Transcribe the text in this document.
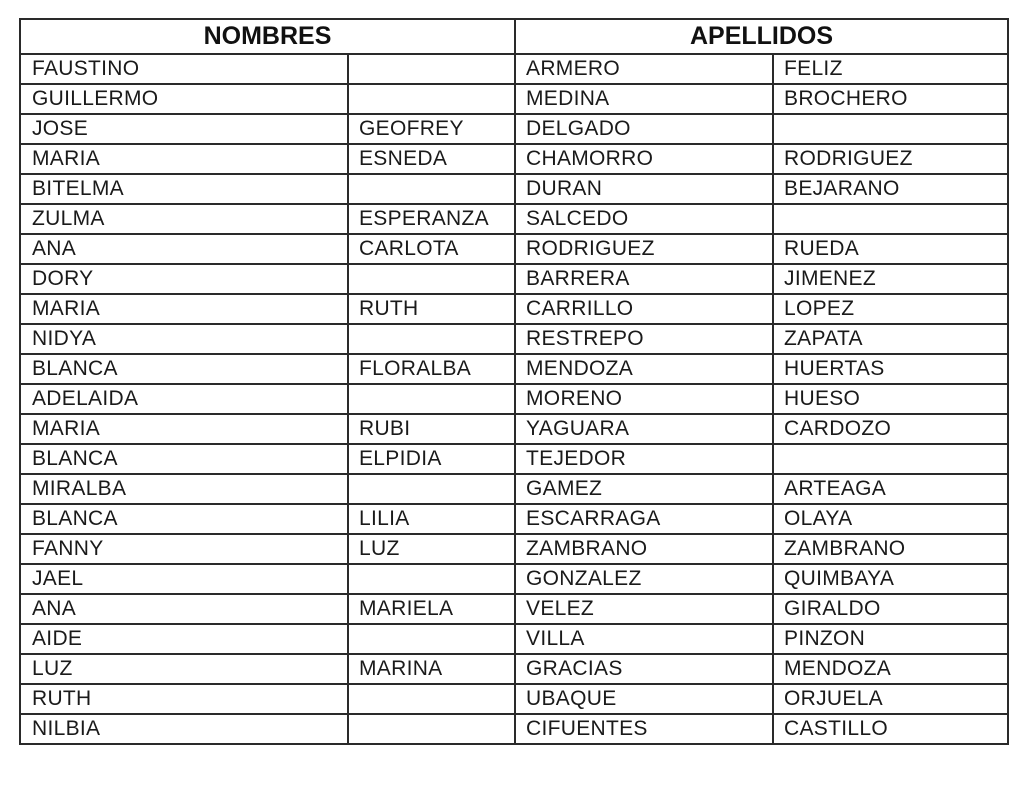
NOMBRES		APELLIDOS	
FAUSTINO		ARMERO	FELIZ
GUILLERMO		MEDINA	BROCHERO
JOSE	GEOFREY	DELGADO	
MARIA	ESNEDA	CHAMORRO	RODRIGUEZ
BITELMA		DURAN	BEJARANO
ZULMA	ESPERANZA	SALCEDO	
ANA	CARLOTA	RODRIGUEZ	RUEDA
DORY		BARRERA	JIMENEZ
MARIA	RUTH	CARRILLO	LOPEZ
NIDYA		RESTREPO	ZAPATA
BLANCA	FLORALBA	MENDOZA	HUERTAS
ADELAIDA		MORENO	HUESO
MARIA	RUBI	YAGUARA	CARDOZO
BLANCA	ELPIDIA	TEJEDOR	
MIRALBA		GAMEZ	ARTEAGA
BLANCA	LILIA	ESCARRAGA	OLAYA
FANNY	LUZ	ZAMBRANO	ZAMBRANO
JAEL		GONZALEZ	QUIMBAYA
ANA	MARIELA	VELEZ	GIRALDO
AIDE		VILLA	PINZON
LUZ	MARINA	GRACIAS	MENDOZA
RUTH		UBAQUE	ORJUELA
NILBIA		CIFUENTES	CASTILLO
